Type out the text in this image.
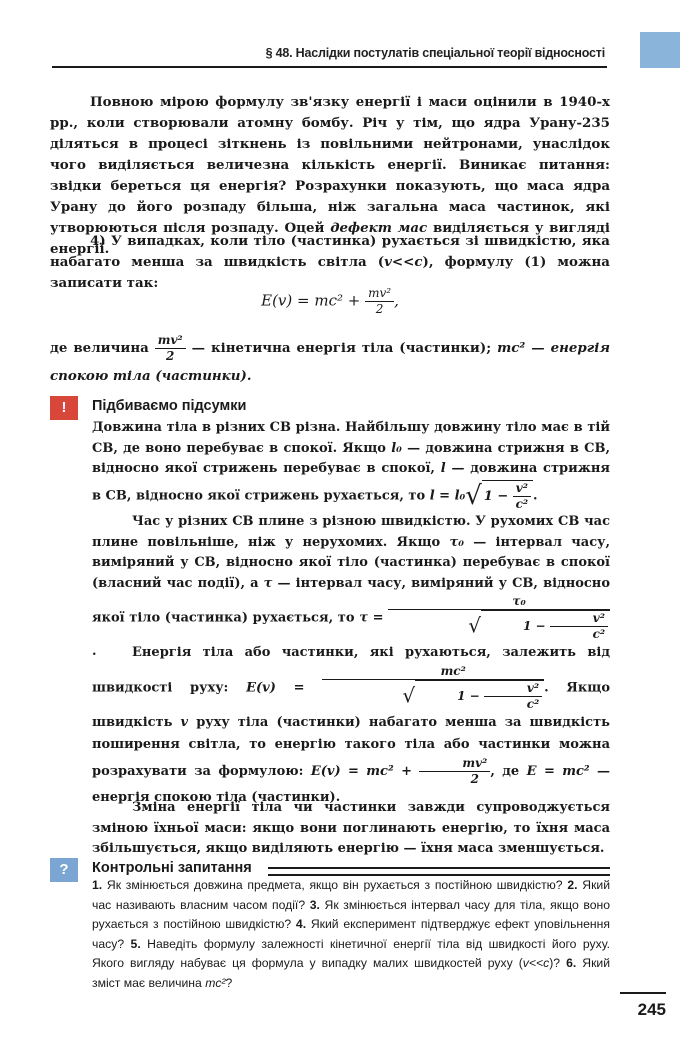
§ 48. Наслідки постулатів спеціальної теорії відносності
Повною мірою формулу зв'язку енергії і маси оцінили в 1940-х рр., коли створювали атомну бомбу. Річ у тім, що ядра Урану-235 діляться в процесі зіткнень із повільними нейтронами, унаслідок чого виділяється величезна кількість енергії. Виникає питання: звідки береться ця енергія? Розрахунки показують, що маса ядра Урану до його розпаду більша, ніж загальна маса частинок, які утворюються після розпаду. Оцей дефект мас виділяється у вигляді енергії.
4) У випадках, коли тіло (частинка) рухається зі швидкістю, яка набагато менша за швидкість світла (v<<c), формулу (1) можна записати так:
$E(v) = mc^2 + \frac{\text{mv²}}{2}$ ,
де величина $\frac{\text{mv²}}{2}$ — кінетична енергія тіла (частинки); mc² — енергія спокою тіла (частинки).
!	Підбиваємо підсумки
Довжина тіла в різних СВ різна. Найбільшу довжину тіло має в тій СВ, де воно перебуває в спокої. Якщо l₀ — довжина стрижня в СВ, відносно якої стрижень перебуває в спокої, l — довжина стрижня в СВ, відносно якої стрижень рухається, то l = l₀√ $1 - \frac{\text{v²}}{\text{c²}}$ .
Час у різних СВ плине з різною швидкістю. У рухомих СВ час плине повільніше, ніж у нерухомих. Якщо τ₀ — інтервал часу, виміряний у СВ, відносно якої тіло (частинка) перебуває в спокої (власний час події), а τ — інтервал часу, виміряний у СВ, відносно якої тіло (частинка) рухається, то τ = τ₀
√	$1 - \frac{\text{v²}}{\text{c²}}$
.	Енергія тіла або частинки, які рухаються, залежить від швидкості руху: E(v) = mc²
√	$1 - \frac{\text{v²}}{\text{c²}}$ . Якщо швидкість v руху тіла (частинки) набагато менша за швидкість поширення світла, то енергію такого тіла або частинки можна розрахувати за формулою: $E(v) = mc^2 + \frac{\text{mv²}}{2}$ , де E = mc² — енергія спокою тіла (частинки).
Зміна енергії тіла чи частинки завжди супроводжується зміною їхньої маси: якщо вони поглинають енергію, то їхня маса збільшується, якщо виділяють енергію — їхня маса зменшується.
?	Контрольні запитання
1. Як змінюється довжина предмета, якщо він рухається з постійною швидкістю? 2. Який час називають власним часом події? 3. Як змінюється інтервал часу для тіла, якщо воно рухається з постійною швидкістю? 4. Який експеримент підтверджує ефект уповільнення часу? 5. Наведіть формулу залежності кінетичної енергії тіла від швидкості його руху. Якого вигляду набуває ця формула у випадку малих швидкостей руху (v<<c)? 6. Який зміст має величина mc²?
245
